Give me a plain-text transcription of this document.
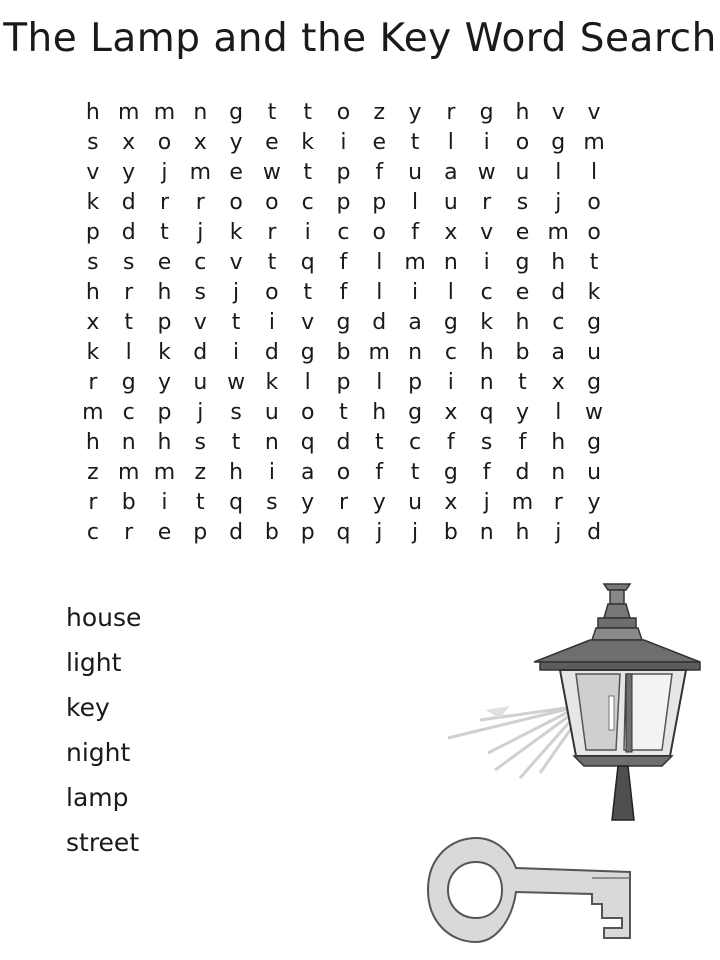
The Lamp and the Key Word Search
h m m n g	t	t	o	z	y	r	g h	v	v
s	x	o	x	y	e	k	i	e	t	l	i	o	g m
v	y	j	m e w	t	p	f	u	a w u	l	l
k	d	r	r	o	o	c	p p	l	u	r	s	j	o
p d	t	j	k	r	i	c	o	f	x	v	e m o
s	s	e	c	v	t	q	f	l	m n	i	g h	t
h	r	h	s	j	o	t	f	l	i	l	c	e	d	k
x	t	p	v	t	i	v	g d	a	g	k	h	c	g
k	l	k	d	i	d g b m n	c	h b	a	u
r	g	y	u w k	l	p	l	p	i	n	t	x	g
m c	p	j	s	u	o	t	h g	x	q	y	l	w
h n h	s	t	n q d	t	c	f	s	f	h g
z m m z	h	i	a	o	f	t	g	f	d n u
r	b	i	t	q	s	y	r	y	u	x	j	m r	y
c	r	e	p d b p q	j	j	b n h	j	d
house
light
key
night
lamp
street
